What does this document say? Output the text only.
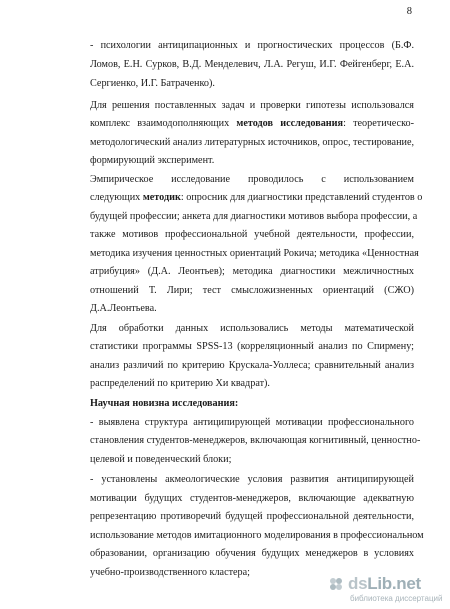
8
- психологии антиципационных и прогностических процессов (Б.Ф.
Ломов, Е.Н. Сурков, В.Д. Менделевич, Л.А. Регуш, И.Г. Фейгенберг, Е.А.
Сергиенко, И.Г. Батраченко).
Для решения поставленных задач и проверки гипотезы использовался
комплекс взаимодополняющих методов исследования: теоретическо-
методологический анализ литературных источников, опрос, тестирование,
формирующий эксперимент.
Эмпирическое исследование проводилось с использованием
следующих методик: опросник для диагностики представлений студентов о
будущей профессии; анкета для диагностики мотивов выбора профессии, а
также мотивов профессиональной учебной деятельности, профессии,
методика изучения ценностных ориентаций Рокича; методика «Ценностная
атрибуция» (Д.А. Леонтьев); методика диагностики межличностных
отношений Т. Лири; тест смысложизненных ориентаций (СЖО)
Д.А.Леонтьева.
Для обработки данных использовались методы математической
статистики программы SPSS-13 (корреляционный анализ по Спирмену;
анализ различий по критерию Крускала-Уоллеса; сравнительный анализ
распределений по критерию Хи квадрат).
Научная новизна исследования:
- выявлена структура антиципирующей мотивации профессионального
становления студентов-менеджеров, включающая когнитивный, ценностно-
целевой и поведенческий блоки;
- установлены акмеологические условия развития антиципирующей
мотивации будущих студентов-менеджеров, включающие адекватную
репрезентацию противоречий будущей профессиональной деятельности,
использование методов имитационного моделирования в профессиональном
образовании, организацию обучения будущих менеджеров в условиях
учебно-производственного кластера;
dsLib.net
библиотека диссертаций
